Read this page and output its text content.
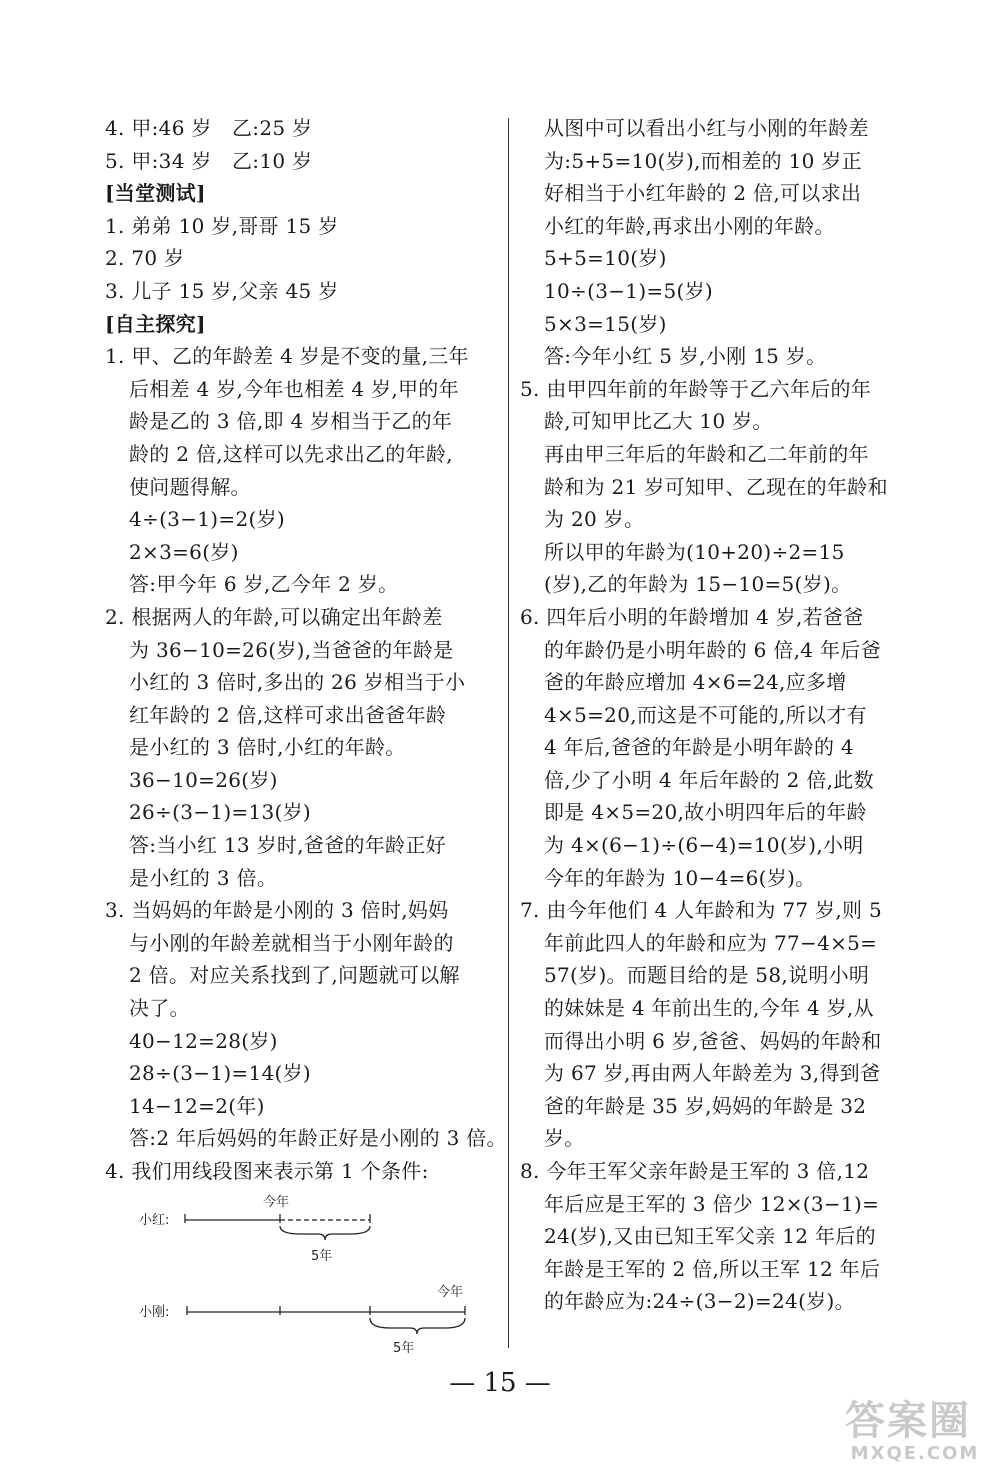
4. 甲:46 岁　乙:25 岁
5. 甲:34 岁　乙:10 岁
[当堂测试]
1. 弟弟 10 岁,哥哥 15 岁
2. 70 岁
3. 儿子 15 岁,父亲 45 岁
[自主探究]
1. 甲、乙的年龄差 4 岁是不变的量,三年
后相差 4 岁,今年也相差 4 岁,甲的年
龄是乙的 3 倍,即 4 岁相当于乙的年
龄的 2 倍,这样可以先求出乙的年龄,
使问题得解。
4÷(3−1)=2(岁)
2×3=6(岁)
答:甲今年 6 岁,乙今年 2 岁。
2. 根据两人的年龄,可以确定出年龄差
为 36−10=26(岁),当爸爸的年龄是
小红的 3 倍时,多出的 26 岁相当于小
红年龄的 2 倍,这样可求出爸爸年龄
是小红的 3 倍时,小红的年龄。
36−10=26(岁)
26÷(3−1)=13(岁)
答:当小红 13 岁时,爸爸的年龄正好
是小红的 3 倍。
3. 当妈妈的年龄是小刚的 3 倍时,妈妈
与小刚的年龄差就相当于小刚年龄的
2 倍。对应关系找到了,问题就可以解
决了。
40−12=28(岁)
28÷(3−1)=14(岁)
14−12=2(年)
答:2 年后妈妈的年龄正好是小刚的 3 倍。
4. 我们用线段图来表示第 1 个条件:
小红:
今年
5年
小刚:
今年
5年
从图中可以看出小红与小刚的年龄差
为:5+5=10(岁),而相差的 10 岁正
好相当于小红年龄的 2 倍,可以求出
小红的年龄,再求出小刚的年龄。
5+5=10(岁)
10÷(3−1)=5(岁)
5×3=15(岁)
答:今年小红 5 岁,小刚 15 岁。
5. 由甲四年前的年龄等于乙六年后的年
龄,可知甲比乙大 10 岁。
再由甲三年后的年龄和乙二年前的年
龄和为 21 岁可知甲、乙现在的年龄和
为 20 岁。
所以甲的年龄为(10+20)÷2=15
(岁),乙的年龄为 15−10=5(岁)。
6. 四年后小明的年龄增加 4 岁,若爸爸
的年龄仍是小明年龄的 6 倍,4 年后爸
爸的年龄应增加 4×6=24,应多增
4×5=20,而这是不可能的,所以才有
4 年后,爸爸的年龄是小明年龄的 4
倍,少了小明 4 年后年龄的 2 倍,此数
即是 4×5=20,故小明四年后的年龄
为 4×(6−1)÷(6−4)=10(岁),小明
今年的年龄为 10−4=6(岁)。
7. 由今年他们 4 人年龄和为 77 岁,则 5
年前此四人的年龄和应为 77−4×5=
57(岁)。而题目给的是 58,说明小明
的妹妹是 4 年前出生的,今年 4 岁,从
而得出小明 6 岁,爸爸、妈妈的年龄和
为 67 岁,再由两人年龄差为 3,得到爸
爸的年龄是 35 岁,妈妈的年龄是 32
岁。
8. 今年王军父亲年龄是王军的 3 倍,12
年后应是王军的 3 倍少 12×(3−1)=
24(岁),又由已知王军父亲 12 年后的
年龄是王军的 2 倍,所以王军 12 年后
的年龄应为:24÷(3−2)=24(岁)。
— 15 —
答案圈
MXQE.COM
